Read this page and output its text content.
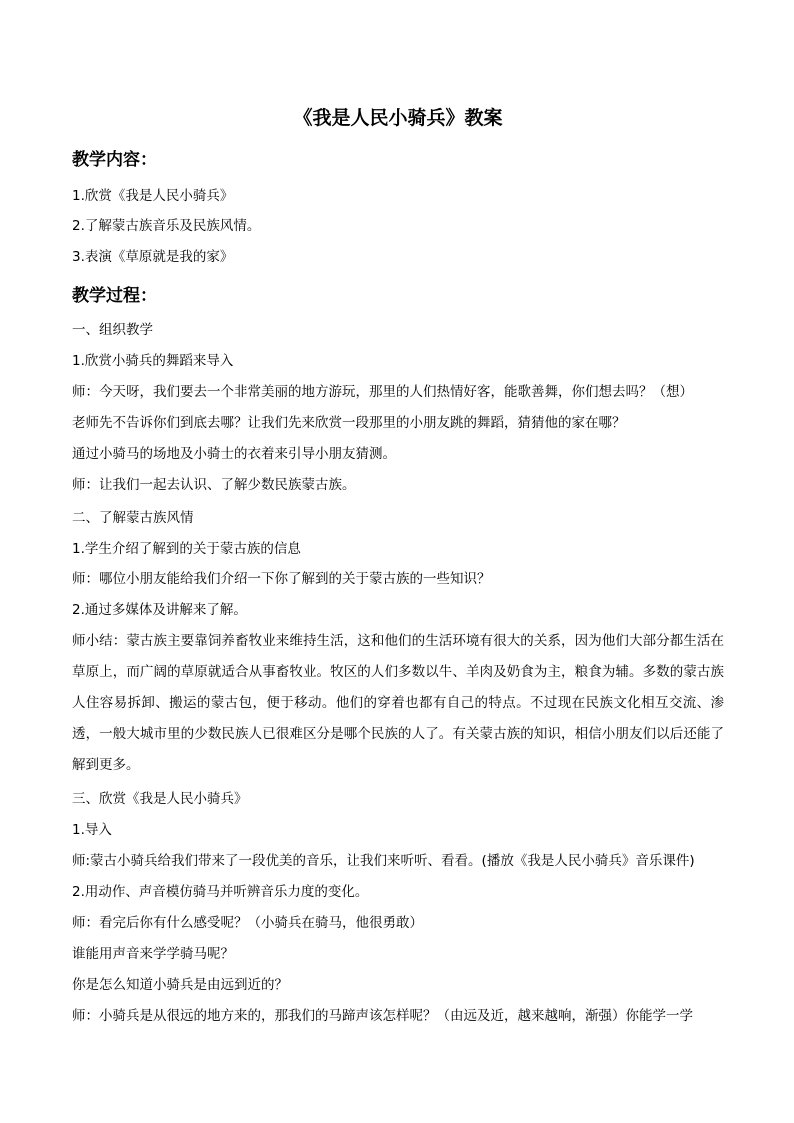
《我是人民小骑兵》教案
教学内容：
1.欣赏《我是人民小骑兵》
2.了解蒙古族音乐及民族风情。
3.表演《草原就是我的家》
教学过程：
一、组织教学
1.欣赏小骑兵的舞蹈来导入
师：今天呀，我们要去一个非常美丽的地方游玩，那里的人们热情好客，能歌善舞，你们想去吗？（想）
老师先不告诉你们到底去哪？让我们先来欣赏一段那里的小朋友跳的舞蹈，猜猜他的家在哪？
通过小骑马的场地及小骑士的衣着来引导小朋友猜测。
师：让我们一起去认识、了解少数民族蒙古族。
二、了解蒙古族风情
1.学生介绍了解到的关于蒙古族的信息
师：哪位小朋友能给我们介绍一下你了解到的关于蒙古族的一些知识？
2.通过多媒体及讲解来了解。
师小结：蒙古族主要靠饲养畜牧业来维持生活，这和他们的生活环境有很大的关系，因为他们大部分都生活在草原上，而广阔的草原就适合从事畜牧业。牧区的人们多数以牛、羊肉及奶食为主，粮食为辅。多数的蒙古族人住容易拆卸、搬运的蒙古包，便于移动。他们的穿着也都有自己的特点。不过现在民族文化相互交流、渗透，一般大城市里的少数民族人已很难区分是哪个民族的人了。有关蒙古族的知识，相信小朋友们以后还能了解到更多。
三、欣赏《我是人民小骑兵》
1.导入
师:蒙古小骑兵给我们带来了一段优美的音乐，让我们来听听、看看。(播放《我是人民小骑兵》音乐课件)
2.用动作、声音模仿骑马并听辨音乐力度的变化。
师：看完后你有什么感受呢？（小骑兵在骑马，他很勇敢）
谁能用声音来学学骑马呢？
你是怎么知道小骑兵是由远到近的？
师：小骑兵是从很远的地方来的，那我们的马蹄声该怎样呢？（由远及近，越来越响，渐强）你能学一学
